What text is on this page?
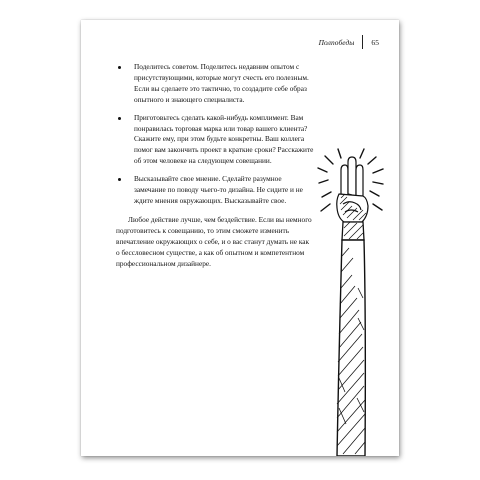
Полпобеды 65
Поделитесь советом. Поделитесь недавним опытом с присутствующими, которые могут счесть его полезным. Если вы сделаете это тактично, то создадите себе образ опытного и знающего специалиста.
Приготовьтесь сделать какой-нибудь комплимент. Вам понравилась торговая марка или товар вашего клиента? Скажите ему, при этом будьте конкретны. Ваш коллега помог вам закончить проект в краткие сроки? Расскажите об этом человеке на следующем совещании.
Высказывайте свое мнение. Сделайте разумное замечание по поводу чьего-то дизайна. Не сидите и не ждите мнения окружающих. Высказывайте свое.

Любое действие лучше, чем бездействие. Если вы немного подготовитесь к совещанию, то этим сможете изменить впечатление окружающих о себе, и о вас станут думать не как о бессловесном существе, а как об опытном и компетентном профессиональном дизайнере.
